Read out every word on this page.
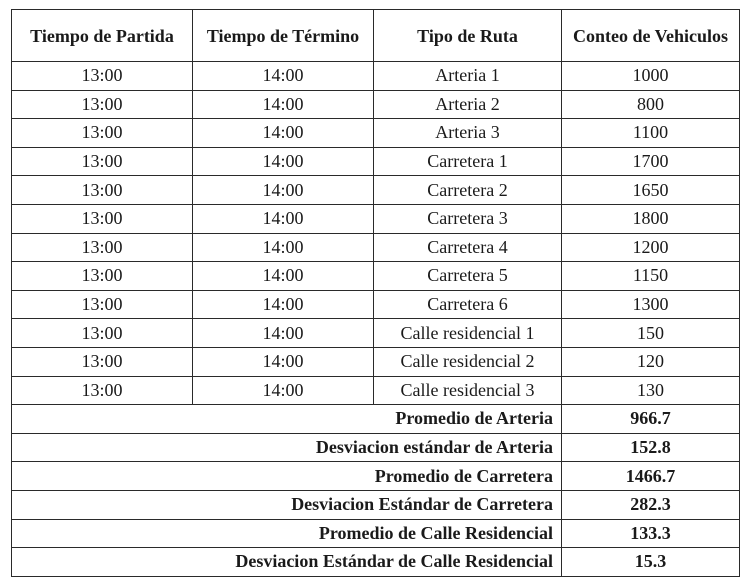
Tiempo de Partida	Tiempo de Término	Tipo de Ruta	Conteo de Vehiculos
13:00	14:00	Arteria 1	1000
13:00	14:00	Arteria 2	800
13:00	14:00	Arteria 3	1100
13:00	14:00	Carretera 1	1700
13:00	14:00	Carretera 2	1650
13:00	14:00	Carretera 3	1800
13:00	14:00	Carretera 4	1200
13:00	14:00	Carretera 5	1150
13:00	14:00	Carretera 6	1300
13:00	14:00	Calle residencial 1	150
13:00	14:00	Calle residencial 2	120
13:00	14:00	Calle residencial 3	130
Promedio de Arteria			966.7
Desviacion estándar de Arteria			152.8
Promedio de Carretera			1466.7
Desviacion Estándar de Carretera			282.3
Promedio de Calle Residencial			133.3
Desviacion Estándar de Calle Residencial			15.3
